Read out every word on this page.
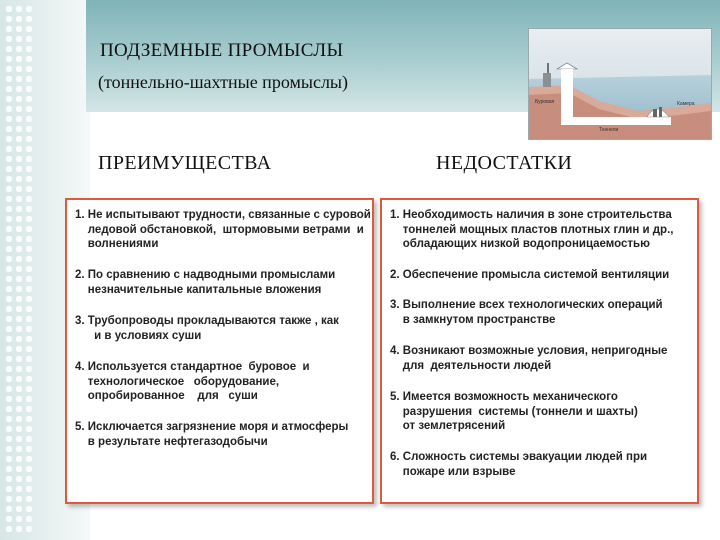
ПОДЗЕМНЫЕ ПРОМЫСЛЫ
(тоннельно-шахтные промыслы)
Буровая
Тоннели
Камера
ПРЕИМУЩЕСТВА	НЕДОСТАТКИ
1. Не испытывают трудности, связанные с суровой
ледовой обстановкой,  штормовыми ветрами  и
волнениями
2. По сравнению с надводными промыслами
незначительные капитальные вложения
3. Трубопроводы прокладываются также , как
и в условиях суши
4. Используется стандартное  буровое  и
технологическое   оборудование,
опробированное    для   суши
5. Исключается загрязнение моря и атмосферы
в результате нефтегазодобычи
1. Необходимость наличия в зоне строительства
тоннелей мощных пластов плотных глин и др.,
обладающих низкой водопроницаемостью
2. Обеспечение промысла системой вентиляции
3. Выполнение всех технологических операций
в замкнутом пространстве
4. Возникают возможные условия, непригодные
для  деятельности людей
5. Имеется возможность механического
разрушения  системы (тоннели и шахты)
от землетрясений
6. Сложность системы эвакуации людей при
пожаре или взрыве
